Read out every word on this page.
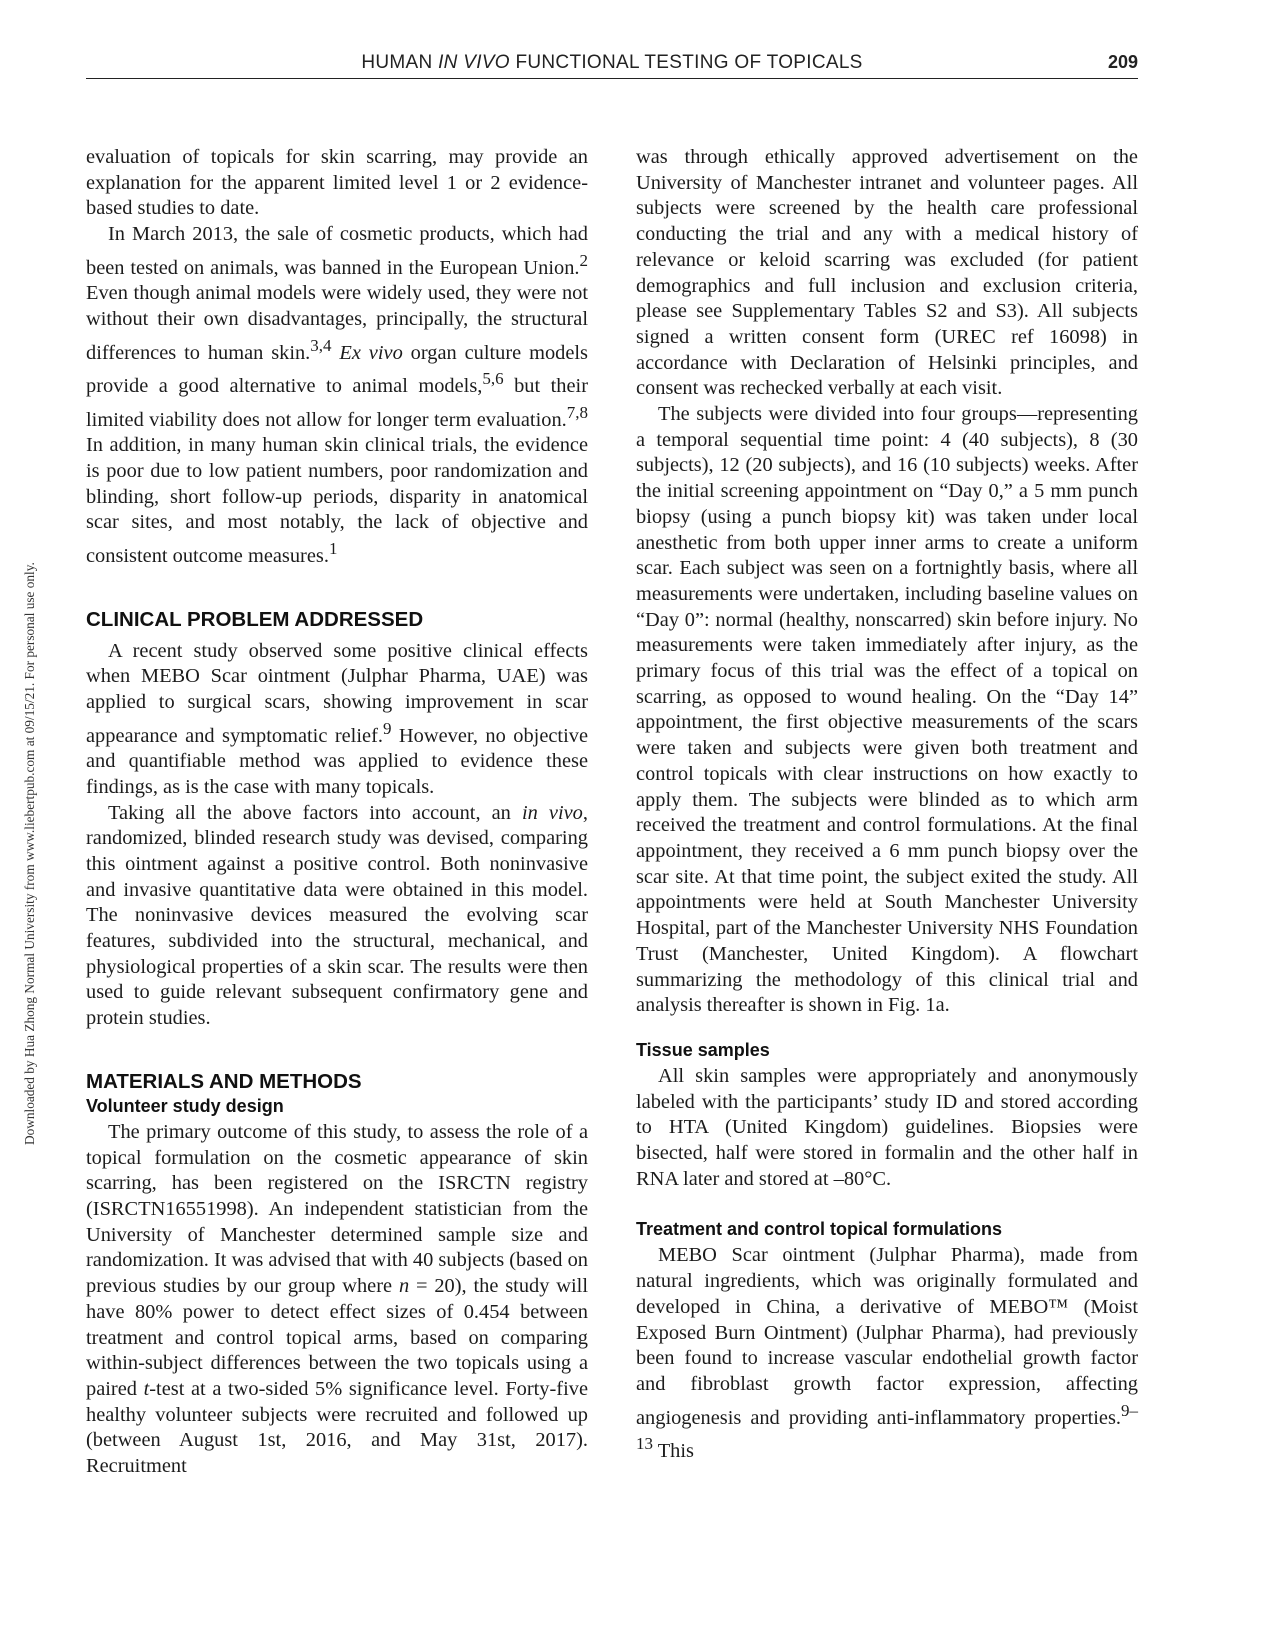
HUMAN IN VIVO FUNCTIONAL TESTING OF TOPICALS	209
Downloaded by Hua Zhong Normal University from www.liebertpub.com at 09/15/21. For personal use only.

evaluation of topicals for skin scarring, may provide an explanation for the apparent limited level 1 or 2 evidence-based studies to date.

In March 2013, the sale of cosmetic products, which had been tested on animals, was banned in the European Union.$^2$ Even though animal models were widely used, they were not without their own disadvantages, principally, the structural differences to human skin.$^{3,4}$ Ex vivo organ culture models provide a good alternative to animal models,$^{5,6}$ but their limited viability does not allow for longer term evaluation.$^{7,8}$ In addition, in many human skin clinical trials, the evidence is poor due to low patient numbers, poor randomization and blinding, short follow-up periods, disparity in anatomical scar sites, and most notably, the lack of objective and consistent outcome measures.$^1$

CLINICAL PROBLEM ADDRESSED

A recent study observed some positive clinical effects when MEBO Scar ointment (Julphar Pharma, UAE) was applied to surgical scars, showing improvement in scar appearance and symptomatic relief.$^9$ However, no objective and quantifiable method was applied to evidence these findings, as is the case with many topicals.

Taking all the above factors into account, an in vivo, randomized, blinded research study was devised, comparing this ointment against a positive control. Both noninvasive and invasive quantitative data were obtained in this model. The noninvasive devices measured the evolving scar features, subdivided into the structural, mechanical, and physiological properties of a skin scar. The results were then used to guide relevant subsequent confirmatory gene and protein studies.

MATERIALS AND METHODS
Volunteer study design

The primary outcome of this study, to assess the role of a topical formulation on the cosmetic appearance of skin scarring, has been registered on the ISRCTN registry (ISRCTN16551998). An independent statistician from the University of Manchester determined sample size and randomization. It was advised that with 40 subjects (based on previous studies by our group where n = 20), the study will have 80% power to detect effect sizes of 0.454 between treatment and control topical arms, based on comparing within-subject differences between the two topicals using a paired t-test at a two-sided 5% significance level. Forty-five healthy volunteer subjects were recruited and followed up (between August 1st, 2016, and May 31st, 2017). Recruitment

was through ethically approved advertisement on the University of Manchester intranet and volunteer pages. All subjects were screened by the health care professional conducting the trial and any with a medical history of relevance or keloid scarring was excluded (for patient demographics and full inclusion and exclusion criteria, please see Supplementary Tables S2 and S3). All subjects signed a written consent form (UREC ref 16098) in accordance with Declaration of Helsinki principles, and consent was rechecked verbally at each visit.

The subjects were divided into four groups—representing a temporal sequential time point: 4 (40 subjects), 8 (30 subjects), 12 (20 subjects), and 16 (10 subjects) weeks. After the initial screening appointment on “Day 0,” a 5 mm punch biopsy (using a punch biopsy kit) was taken under local anesthetic from both upper inner arms to create a uniform scar. Each subject was seen on a fortnightly basis, where all measurements were undertaken, including baseline values on “Day 0”: normal (healthy, nonscarred) skin before injury. No measurements were taken immediately after injury, as the primary focus of this trial was the effect of a topical on scarring, as opposed to wound healing. On the “Day 14” appointment, the first objective measurements of the scars were taken and subjects were given both treatment and control topicals with clear instructions on how exactly to apply them. The subjects were blinded as to which arm received the treatment and control formulations. At the final appointment, they received a 6 mm punch biopsy over the scar site. At that time point, the subject exited the study. All appointments were held at South Manchester University Hospital, part of the Manchester University NHS Foundation Trust (Manchester, United Kingdom). A flowchart summarizing the methodology of this clinical trial and analysis thereafter is shown in Fig. 1a.

Tissue samples

All skin samples were appropriately and anonymously labeled with the participants’ study ID and stored according to HTA (United Kingdom) guidelines. Biopsies were bisected, half were stored in formalin and the other half in RNA later and stored at –80°C.

Treatment and control topical formulations

MEBO Scar ointment (Julphar Pharma), made from natural ingredients, which was originally formulated and developed in China, a derivative of MEBO™ (Moist Exposed Burn Ointment) (Julphar Pharma), had previously been found to increase vascular endothelial growth factor and fibroblast growth factor expression, affecting angiogenesis and providing anti-inflammatory properties.$^{9-13}$ This
